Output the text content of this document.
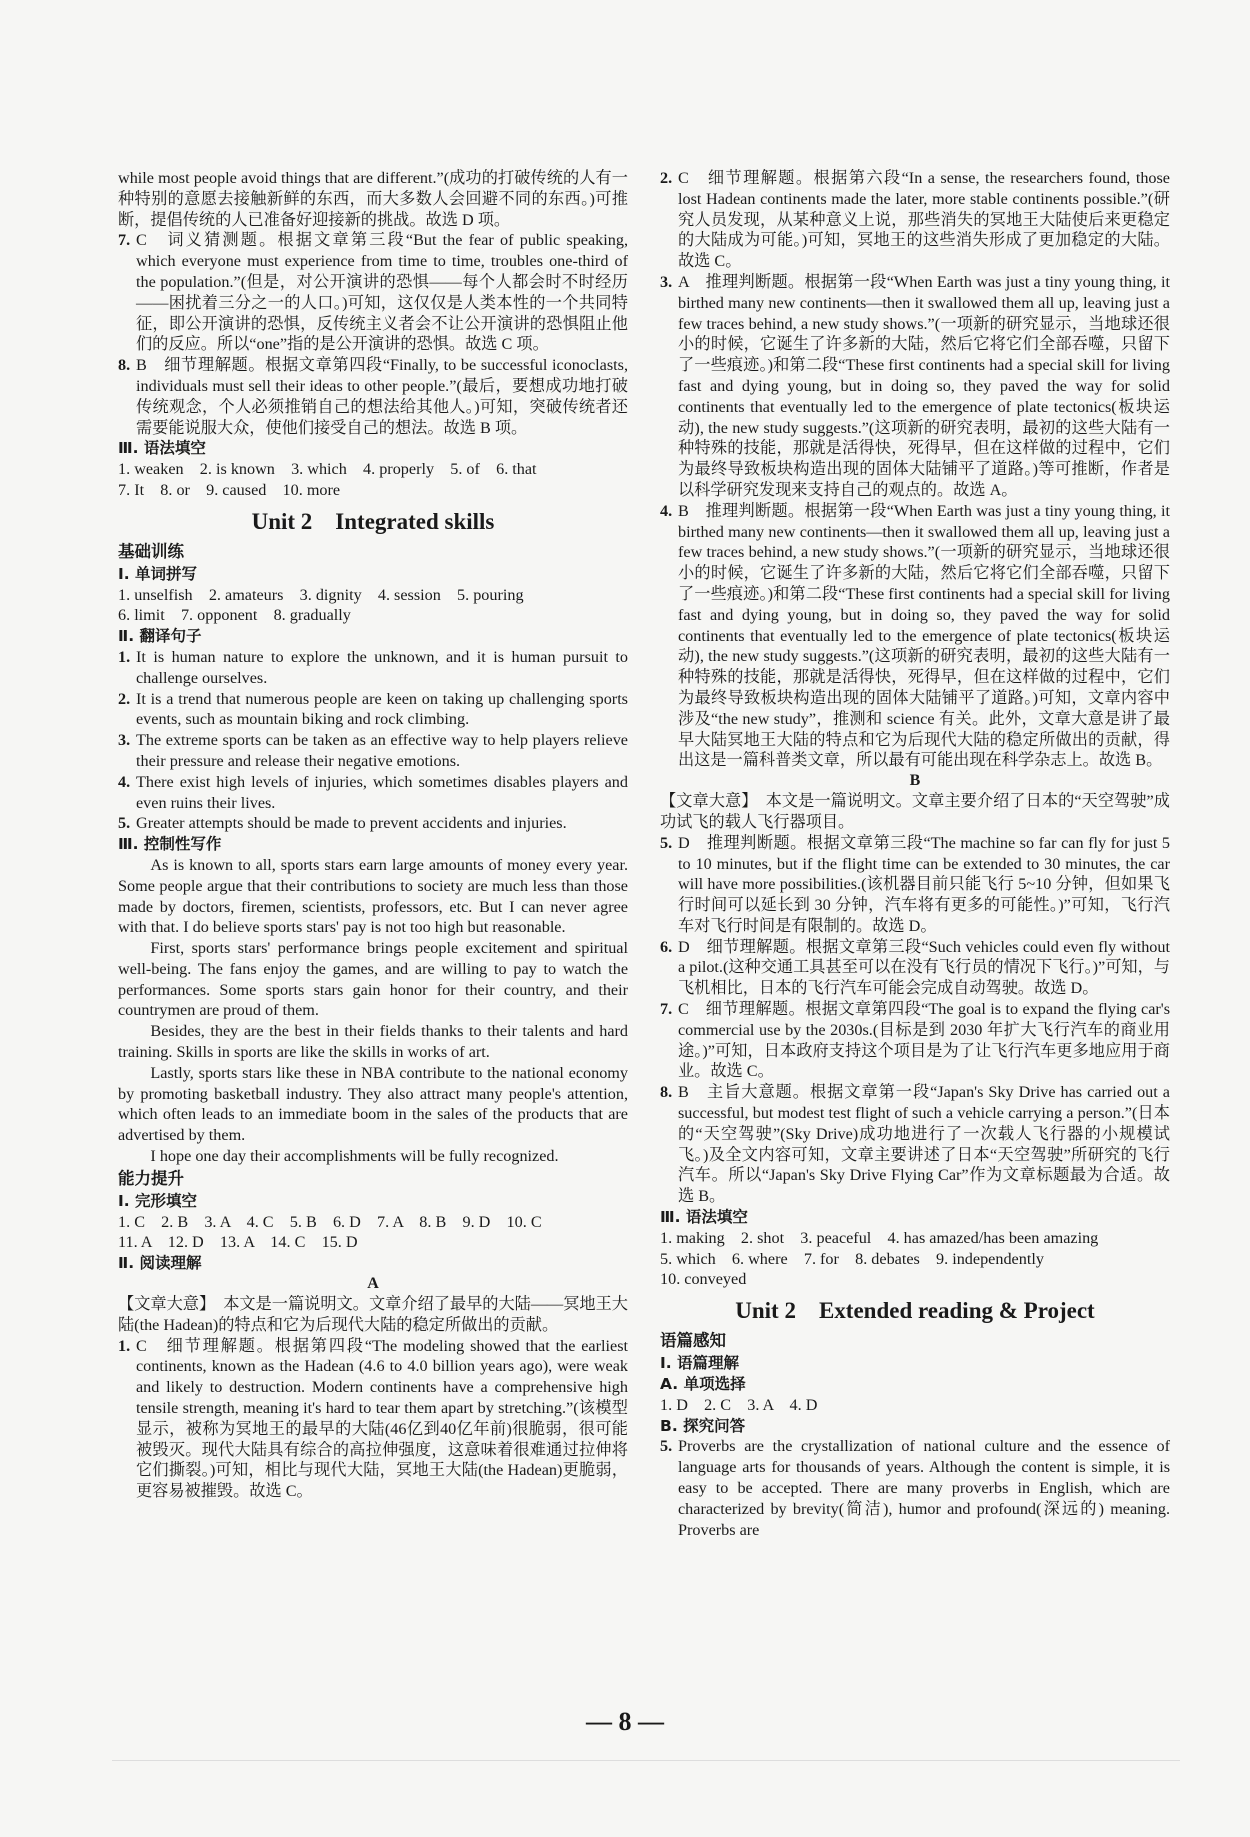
while most people avoid things that are different.”(成功的打破传统的人有一种特别的意愿去接触新鲜的东西，而大多数人会回避不同的东西。)可推断，提倡传统的人已准备好迎接新的挑战。故选 D 项。

7. C　词义猜测题。根据文章第三段“But the fear of public speaking, which everyone must experience from time to time, troubles one-third of the population.”(但是，对公开演讲的恐惧——每个人都会时不时经历——困扰着三分之一的人口。)可知，这仅仅是人类本性的一个共同特征，即公开演讲的恐惧，反传统主义者会不让公开演讲的恐惧阻止他们的反应。所以“one”指的是公开演讲的恐惧。故选 C 项。
8. B　细节理解题。根据文章第四段“Finally, to be successful iconoclasts, individuals must sell their ideas to other people.”(最后，要想成功地打破传统观念，个人必须推销自己的想法给其他人。)可知，突破传统者还需要能说服大众，使他们接受自己的想法。故选 B 项。
Ⅲ. 语法填空
1. weaken　2. is known　3. which　4. properly　5. of　6. that
7. It　8. or　9. caused　10. more
Unit 2　Integrated skills
基础训练
Ⅰ. 单词拼写
1. unselfish　2. amateurs　3. dignity　4. session　5. pouring
6. limit　7. opponent　8. gradually
Ⅱ. 翻译句子
1. It is human nature to explore the unknown, and it is human pursuit to challenge ourselves.
2. It is a trend that numerous people are keen on taking up challenging sports events, such as mountain biking and rock climbing.
3. The extreme sports can be taken as an effective way to help players relieve their pressure and release their negative emotions.
4. There exist high levels of injuries, which sometimes disables players and even ruins their lives.
5. Greater attempts should be made to prevent accidents and injuries.
Ⅲ. 控制性写作

As is known to all, sports stars earn large amounts of money every year. Some people argue that their contributions to society are much less than those made by doctors, firemen, scientists, professors, etc. But I can never agree with that. I do believe sports stars' pay is not too high but reasonable.

First, sports stars' performance brings people excitement and spiritual well-being. The fans enjoy the games, and are willing to pay to watch the performances. Some sports stars gain honor for their country, and their countrymen are proud of them.

Besides, they are the best in their fields thanks to their talents and hard training. Skills in sports are like the skills in works of art.

Lastly, sports stars like these in NBA contribute to the national economy by promoting basketball industry. They also attract many people's attention, which often leads to an immediate boom in the sales of the products that are advertised by them.

I hope one day their accomplishments will be fully recognized.

能力提升
Ⅰ. 完形填空
1. C　2. B　3. A　4. C　5. B　6. D　7. A　8. B　9. D　10. C
11. A　12. D　13. A　14. C　15. D
Ⅱ. 阅读理解
A

【文章大意】　本文是一篇说明文。文章介绍了最早的大陆——冥地王大陆(the Hadean)的特点和它为后现代大陆的稳定所做出的贡献。

1. C　细节理解题。根据第四段“The modeling showed that the earliest continents, known as the Hadean (4.6 to 4.0 billion years ago), were weak and likely to destruction. Modern continents have a comprehensive high tensile strength, meaning it's hard to tear them apart by stretching.”(该模型显示，被称为冥地王的最早的大陆(46亿到40亿年前)很脆弱，很可能被毁灭。现代大陆具有综合的高拉伸强度，这意味着很难通过拉伸将它们撕裂。)可知，相比与现代大陆，冥地王大陆(the Hadean)更脆弱，更容易被摧毁。故选 C。
2. C　细节理解题。根据第六段“In a sense, the researchers found, those lost Hadean continents made the later, more stable continents possible.”(研究人员发现，从某种意义上说，那些消失的冥地王大陆使后来更稳定的大陆成为可能。)可知，冥地王的这些消失形成了更加稳定的大陆。故选 C。
3. A　推理判断题。根据第一段“When Earth was just a tiny young thing, it birthed many new continents—then it swallowed them all up, leaving just a few traces behind, a new study shows.”(一项新的研究显示，当地球还很小的时候，它诞生了许多新的大陆，然后它将它们全部吞噬，只留下了一些痕迹。)和第二段“These first continents had a special skill for living fast and dying young, but in doing so, they paved the way for solid continents that eventually led to the emergence of plate tectonics(板块运动), the new study suggests.”(这项新的研究表明，最初的这些大陆有一种特殊的技能，那就是活得快，死得早，但在这样做的过程中，它们为最终导致板块构造出现的固体大陆铺平了道路。)等可推断，作者是以科学研究发现来支持自己的观点的。故选 A。
4. B　推理判断题。根据第一段“When Earth was just a tiny young thing, it birthed many new continents—then it swallowed them all up, leaving just a few traces behind, a new study shows.”(一项新的研究显示，当地球还很小的时候，它诞生了许多新的大陆，然后它将它们全部吞噬，只留下了一些痕迹。)和第二段“These first continents had a special skill for living fast and dying young, but in doing so, they paved the way for solid continents that eventually led to the emergence of plate tectonics(板块运动), the new study suggests.”(这项新的研究表明，最初的这些大陆有一种特殊的技能，那就是活得快，死得早，但在这样做的过程中，它们为最终导致板块构造出现的固体大陆铺平了道路。)可知，文章内容中涉及“the new study”，推测和 science 有关。此外，文章大意是讲了最早大陆冥地王大陆的特点和它为后现代大陆的稳定所做出的贡献，得出这是一篇科普类文章，所以最有可能出现在科学杂志上。故选 B。
B

【文章大意】　本文是一篇说明文。文章主要介绍了日本的“天空驾驶”成功试飞的载人飞行器项目。

5. D　推理判断题。根据文章第三段“The machine so far can fly for just 5 to 10 minutes, but if the flight time can be extended to 30 minutes, the car will have more possibilities.(该机器目前只能飞行 5~10 分钟，但如果飞行时间可以延长到 30 分钟，汽车将有更多的可能性。)”可知，飞行汽车对飞行时间是有限制的。故选 D。
6. D　细节理解题。根据文章第三段“Such vehicles could even fly without a pilot.(这种交通工具甚至可以在没有飞行员的情况下飞行。)”可知，与飞机相比，日本的飞行汽车可能会完成自动驾驶。故选 D。
7. C　细节理解题。根据文章第四段“The goal is to expand the flying car's commercial use by the 2030s.(目标是到 2030 年扩大飞行汽车的商业用途。)”可知，日本政府支持这个项目是为了让飞行汽车更多地应用于商业。故选 C。
8. B　主旨大意题。根据文章第一段“Japan's Sky Drive has carried out a successful, but modest test flight of such a vehicle carrying a person.”(日本的“天空驾驶”(Sky Drive)成功地进行了一次载人飞行器的小规模试飞。)及全文内容可知，文章主要讲述了日本“天空驾驶”所研究的飞行汽车。所以“Japan's Sky Drive Flying Car”作为文章标题最为合适。故选 B。
Ⅲ. 语法填空
1. making　2. shot　3. peaceful　4. has amazed/has been amazing
5. which　6. where　7. for　8. debates　9. independently
10. conveyed
Unit 2　Extended reading & Project
语篇感知
Ⅰ. 语篇理解
A. 单项选择
1. D　2. C　3. A　4. D
B. 探究问答
5. Proverbs are the crystallization of national culture and the essence of language arts for thousands of years. Although the content is simple, it is easy to be accepted. There are many proverbs in English, which are characterized by brevity(简洁), humor and profound(深远的) meaning. Proverbs are
— 8 —
